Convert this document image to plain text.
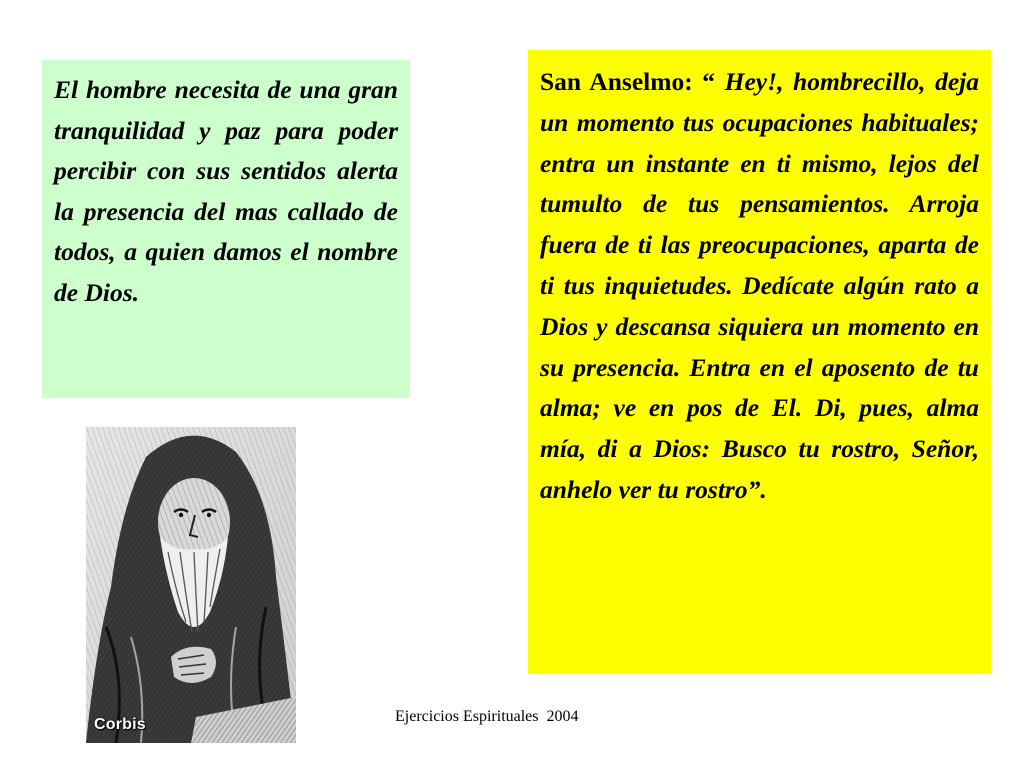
El hombre necesita de una gran tranquilidad y paz para poder percibir con sus sentidos alerta la presencia del mas callado de todos, a quien damos el nombre de Dios.
San Anselmo: “ Hey!, hombrecillo, deja un momento tus ocupaciones habituales; entra un instante en ti mismo, lejos del tumulto de tus pensamientos. Arroja fuera de ti las preocupaciones, aparta de ti tus inquietudes. Dedícate algún rato a Dios y descansa siquiera un momento en su presencia. Entra en el aposento de tu alma; ve en pos de El. Di, pues, alma mía, di a Dios: Busco tu rostro, Señor, anhelo ver tu rostro”.
Corbis	Ejercicios Espirituales  2004
